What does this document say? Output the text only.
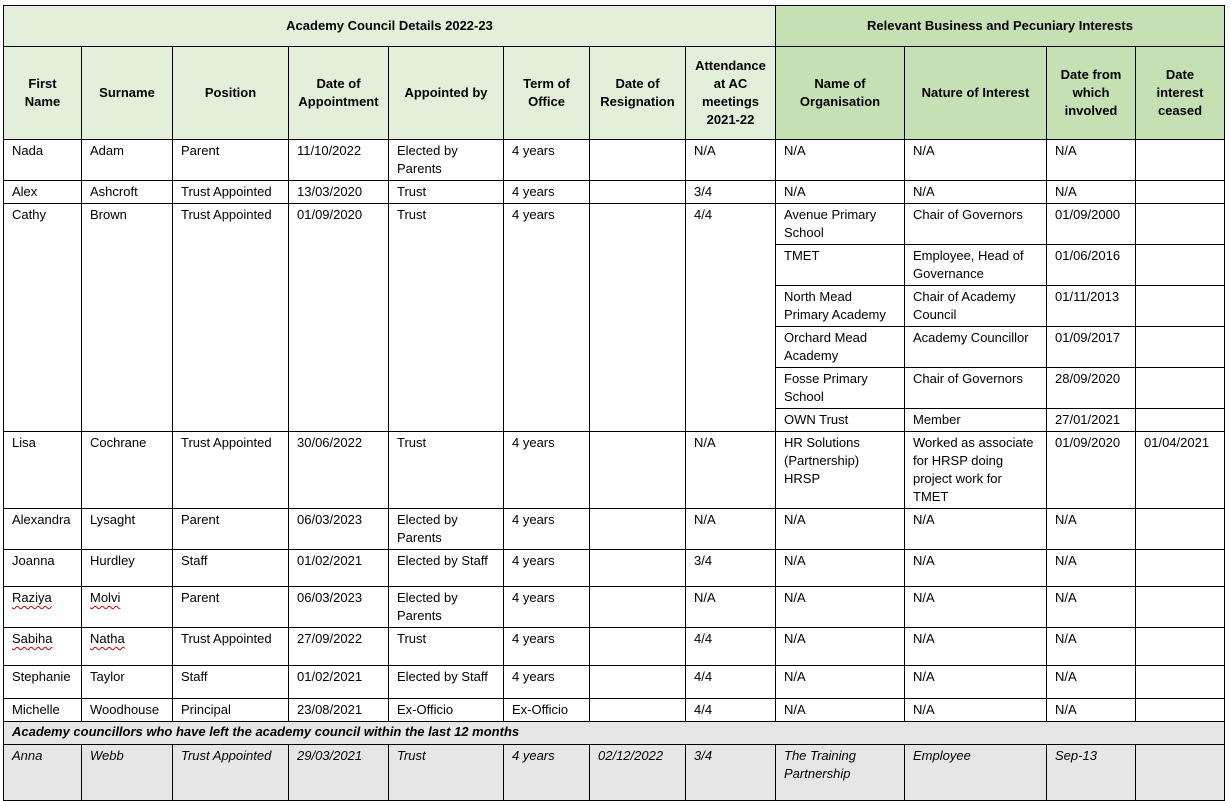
Academy Council Details 2022-23								Relevant Business and Pecuniary Interests			
First Name	Surname	Position	Date of Appointment	Appointed by	Term of Office	Date of Resignation	Attendance at AC meetings 2021-22	Name of Organisation	Nature of Interest	Date from which involved	Date interest ceased
Nada	Adam	Parent	11/10/2022	Elected by Parents	4 years		N/A	N/A	N/A	N/A	
Alex	Ashcroft	Trust Appointed	13/03/2020	Trust	4 years		3/4	N/A	N/A	N/A	
Cathy	Brown	Trust Appointed	01/09/2020	Trust	4 years		4/4	Avenue Primary School	Chair of Governors	01/09/2000	
								TMET	Employee, Head of Governance	01/06/2016	
								North Mead Primary Academy	Chair of Academy Council	01/11/2013	
								Orchard Mead Academy	Academy Councillor	01/09/2017	
								Fosse Primary School	Chair of Governors	28/09/2020	
								OWN Trust	Member	27/01/2021	
Lisa	Cochrane	Trust Appointed	30/06/2022	Trust	4 years		N/A	HR Solutions (Partnership) HRSP	Worked as associate for HRSP doing project work for TMET	01/09/2020	01/04/2021
Alexandra	Lysaght	Parent	06/03/2023	Elected by Parents	4 years		N/A	N/A	N/A	N/A	
Joanna	Hurdley	Staff	01/02/2021	Elected by Staff	4 years		3/4	N/A	N/A	N/A	
Raziya	Molvi	Parent	06/03/2023	Elected by Parents	4 years		N/A	N/A	N/A	N/A	
Sabiha	Natha	Trust Appointed	27/09/2022	Trust	4 years		4/4	N/A	N/A	N/A	
Stephanie	Taylor	Staff	01/02/2021	Elected by Staff	4 years		4/4	N/A	N/A	N/A	
Michelle	Woodhouse	Principal	23/08/2021	Ex-Officio	Ex-Officio		4/4	N/A	N/A	N/A	
Academy councillors who have left the academy council within the last 12 months											
Anna	Webb	Trust Appointed	29/03/2021	Trust	4 years	02/12/2022	3/4	The Training Partnership	Employee	Sep-13	
